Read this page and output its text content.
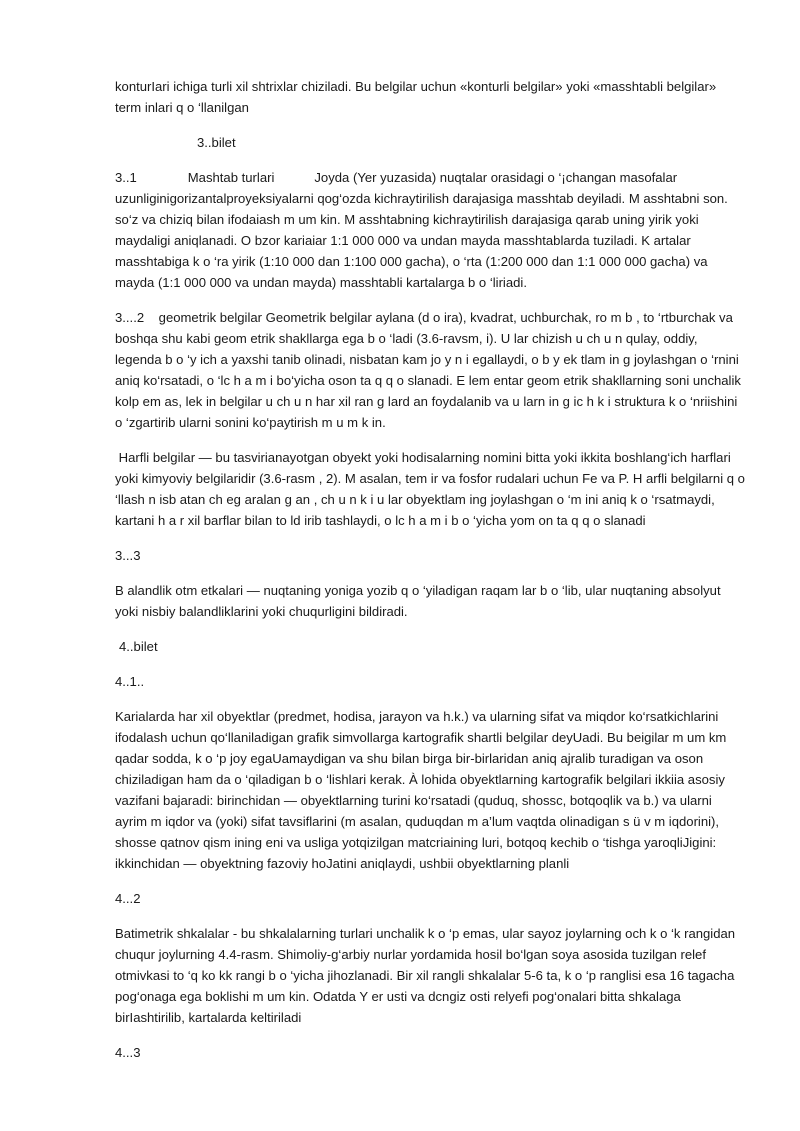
konturIari ichiga turli xil shtrixlar chiziladi. Bu belgilar uchun «konturli belgilar» yoki «masshtabli belgilar» term inlari q o ‘llanilgan

3..bilet

3..1              Mashtab turlari           Joyda (Yer yuzasida) nuqtalar orasidagi o ‘¡changan masofalar uzunliginigorizantalproyeksiyalarni qog‘ozda kichraytirilish darajasiga masshtab deyiladi. M asshtabni son. so‘z va chiziq bilan ifodaiash m um kin. M asshtabning kichraytirilish darajasiga qarab uning yirik yoki maydaligi aniqlanadi. O bzor kariaiar 1:1 000 000 va undan mayda masshtablarda tuziladi. K artalar masshtabiga k o ‘ra yirik (1:10 000 dan 1:100 000 gacha), o ‘rta (1:200 000 dan 1:1 000 000 gacha) va mayda (1:1 000 000 va undan mayda) masshtabli kartalarga b o ‘liriadi.

3....2    geometrik belgilar Geometrik belgilar aylana (d o ira), kvadrat, uchburchak, ro m b , to ‘rtburchak va boshqa shu kabi geom etrik shakllarga ega b o ‘ladi (3.6-ravsm, i). U lar chizish u ch u n qulay, oddiy, legenda b o ‘y ich a yaxshi tanib olinadi, nisbatan kam jo y n i egallaydi, o b y ek tlam in g joylashgan o ‘rnini aniq ko‘rsatadi, o ‘lc h a m i bo‘yicha oson ta q q o slanadi. E lem entar geom etrik shakllarning soni unchalik kolp em as, lek in belgilar u ch u n har xil ran g lard an foydalanib va u larn in g ic h k i struktura k o ‘nriishini o ‘zgartirib ularni sonini ko‘paytirish m u m k in.

Harfli belgilar — bu tasvirianayotgan obyekt yoki hodisalarning nomini bitta yoki ikkita boshlang‘ich harflari yoki kimyoviy belgilaridir (3.6-rasm , 2). M asalan, tem ir va fosfor rudalari uchun Fe va P. H arfli belgilarni q o ‘llash n isb atan ch eg aralan g an , ch u n k i u lar obyektlam ing joylashgan o ‘m ini aniq k o ‘rsatmaydi, kartani h a r xil barflar bilan to ld irib tashlaydi, o lc h a m i b o ‘yicha yom on ta q q o slanadi

3...3

B alandlik otm etkalari — nuqtaning yoniga yozib q o ‘yiladigan raqam lar b o ‘lib, ular nuqtaning absolyut yoki nisbiy balandliklarini yoki chuqurligini bildiradi.

4..bilet

4..1..

Karialarda har xil obyektlar (predmet, hodisa, jarayon va h.k.) va ularning sifat va miqdor ko‘rsatkichlarini ifodalash uchun qo‘llaniladigan grafik simvollarga kartografik shartli belgilar deyUadi. Bu beigilar m um km qadar sodda, k o ‘p joy egaUamaydigan va shu bilan birga bir-birlaridan aniq ajralib turadigan va oson chiziladigan ham da o ‘qiladigan b o ‘lishlari kerak. À lohida obyektlarning kartografik belgilari ikkiia asosiy vazifani bajaradi: birinchidan — obyektlarning turini ko‘rsatadi (quduq, shossc, botqoqlik va b.) va ularni ayrim m iqdor va (yoki) sifat tavsiflarini (m asalan, quduqdan m a’lum vaqtda olinadigan s ü v m iqdorini), shosse qatnov qism ining eni va usliga yotqizilgan matcriaining luri, botqoq kechib o ‘tishga yaroqliJigini: ikkinchidan — obyektning fazoviy hoJatini aniqlaydi, ushbii obyektlarning planli

4...2

Batimetrik shkalalar - bu shkalalarning turlari unchalik k o ‘p emas, ular sayoz joylarning och k o ‘k rangidan chuqur joylurning 4.4-rasm. Shimoliy-g‘arbiy nurlar yordamida hosil bo‘lgan soya asosida tuzilgan relef otmivkasi to ‘q ko kk rangi b o ‘yicha jihozlanadi. Bir xil rangli shkalalar 5-6 ta, k o ‘p ranglisi esa 16 tagacha pog‘onaga ega boklishi m um kin. Odatda Y er usti va dcngiz osti relyefi pog‘onalari bitta shkalaga birIashtirilib, kartalarda keltiriladi

4...3
